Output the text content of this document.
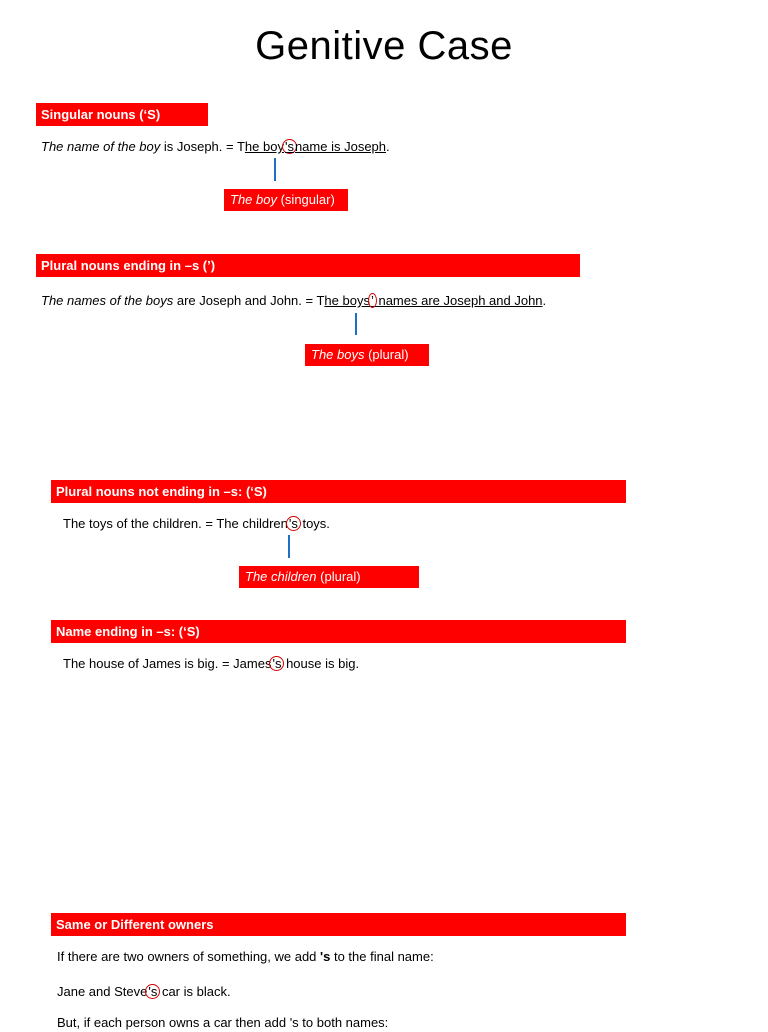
Genitive Case
Singular nouns (‘S)
The name of the boy is Joseph. = The boy'sname is Joseph.
The boy (singular)
Plural nouns ending in –s (’)
The names of the boys are Joseph and John. = The boys’ names are Joseph and John.
The boys (plural)
Plural nouns not ending in –s: (‘S)
The toys of the children. = The children's toys.
The children (plural)
Name ending in –s: (‘S)
The house of James is big. = James's house is big.
Same or Different owners
If there are two owners of something, we add 's to the final name:
Jane and Steve's car is black.
But, if each person owns a car then add 's to both names:
